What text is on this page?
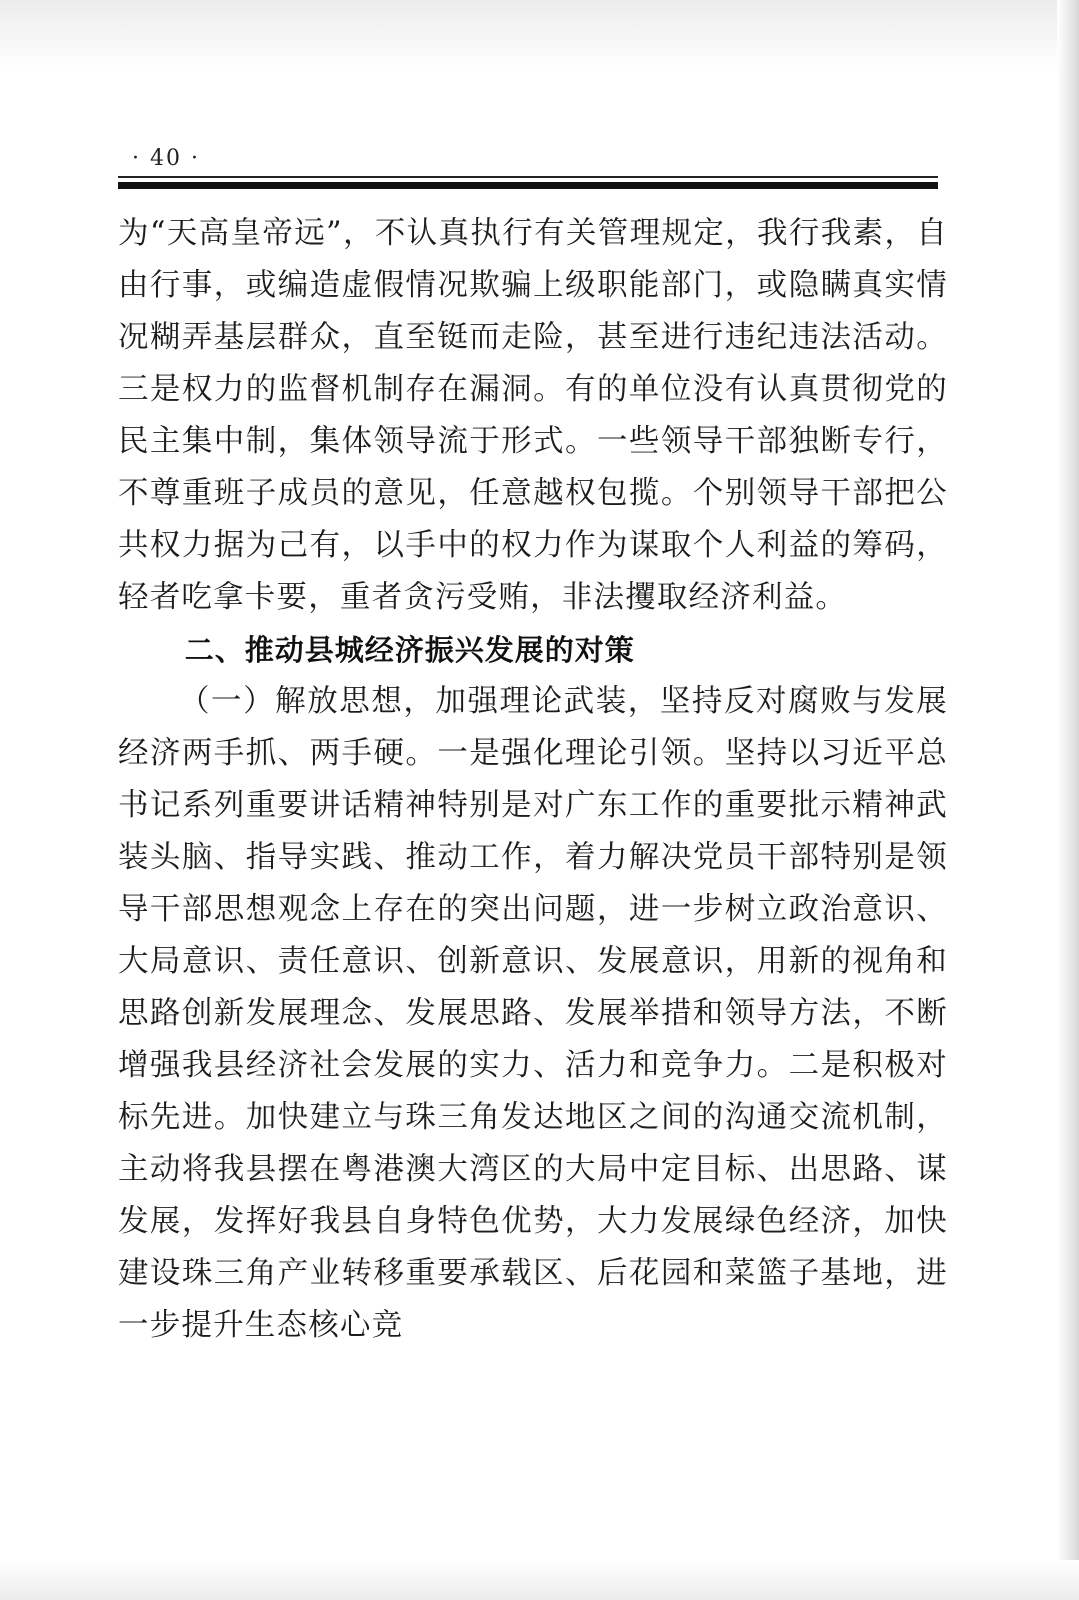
· 40 ·

为“天高皇帝远”，不认真执行有关管理规定，我行我素，自由行事，或编造虚假情况欺骗上级职能部门，或隐瞒真实情况糊弄基层群众，直至铤而走险，甚至进行违纪违法活动。三是权力的监督机制存在漏洞。有的单位没有认真贯彻党的民主集中制，集体领导流于形式。一些领导干部独断专行，不尊重班子成员的意见，任意越权包揽。个别领导干部把公共权力据为己有，以手中的权力作为谋取个人利益的筹码，轻者吃拿卡要，重者贪污受贿，非法攫取经济利益。

二、推动县城经济振兴发展的对策

（一）解放思想，加强理论武装，坚持反对腐败与发展经济两手抓、两手硬。一是强化理论引领。坚持以习近平总书记系列重要讲话精神特别是对广东工作的重要批示精神武装头脑、指导实践、推动工作，着力解决党员干部特别是领导干部思想观念上存在的突出问题，进一步树立政治意识、大局意识、责任意识、创新意识、发展意识，用新的视角和思路创新发展理念、发展思路、发展举措和领导方法，不断增强我县经济社会发展的实力、活力和竞争力。二是积极对标先进。加快建立与珠三角发达地区之间的沟通交流机制，主动将我县摆在粤港澳大湾区的大局中定目标、出思路、谋发展，发挥好我县自身特色优势，大力发展绿色经济，加快建设珠三角产业转移重要承载区、后花园和菜篮子基地，进一步提升生态核心竞
